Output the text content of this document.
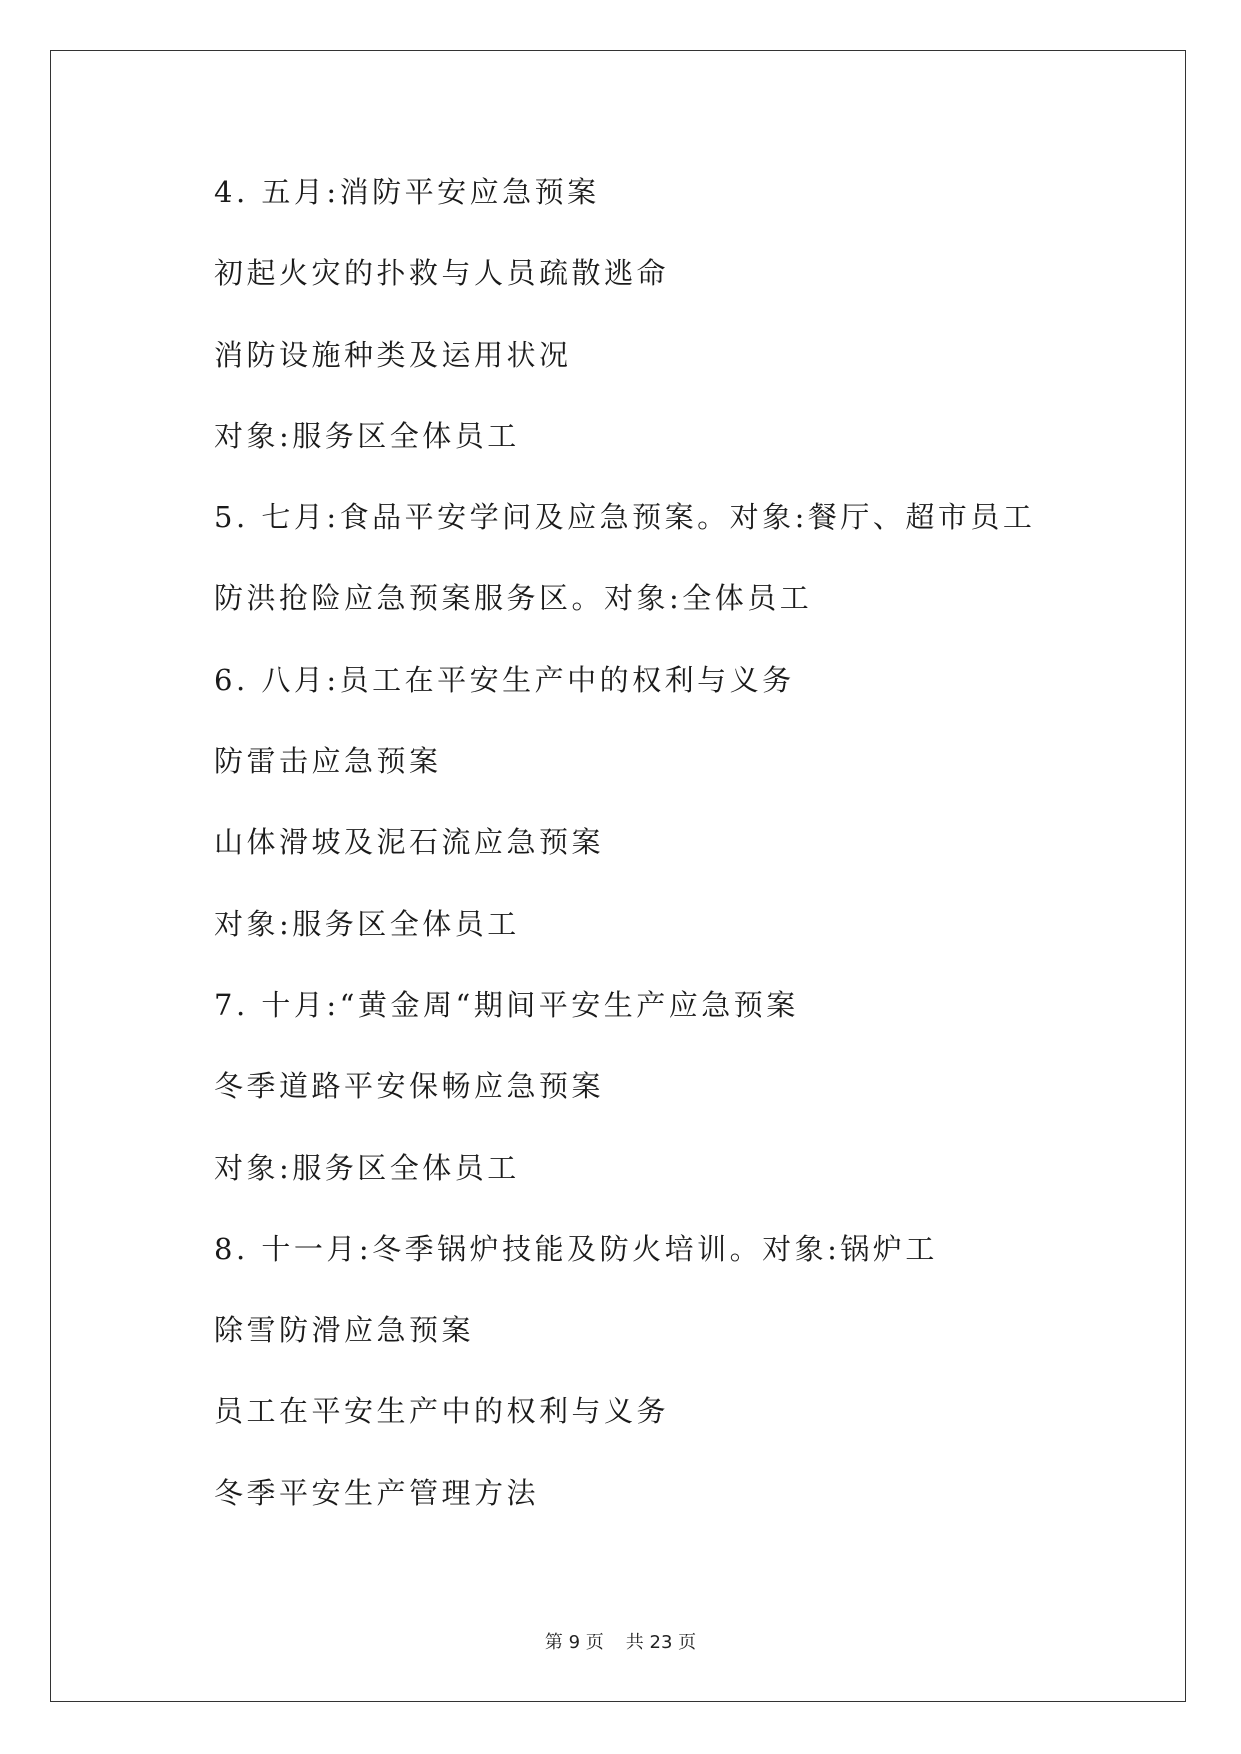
4. 五月:消防平安应急预案
初起火灾的扑救与人员疏散逃命
消防设施种类及运用状况
对象:服务区全体员工
5. 七月:食品平安学问及应急预案。对象:餐厅、超市员工
防洪抢险应急预案服务区。对象:全体员工
6. 八月:员工在平安生产中的权利与义务
防雷击应急预案
山体滑坡及泥石流应急预案
对象:服务区全体员工
7. 十月:“黄金周“期间平安生产应急预案
冬季道路平安保畅应急预案
对象:服务区全体员工
8. 十一月:冬季锅炉技能及防火培训。对象:锅炉工
除雪防滑应急预案
员工在平安生产中的权利与义务
冬季平安生产管理方法
第 9 页 共 23 页
